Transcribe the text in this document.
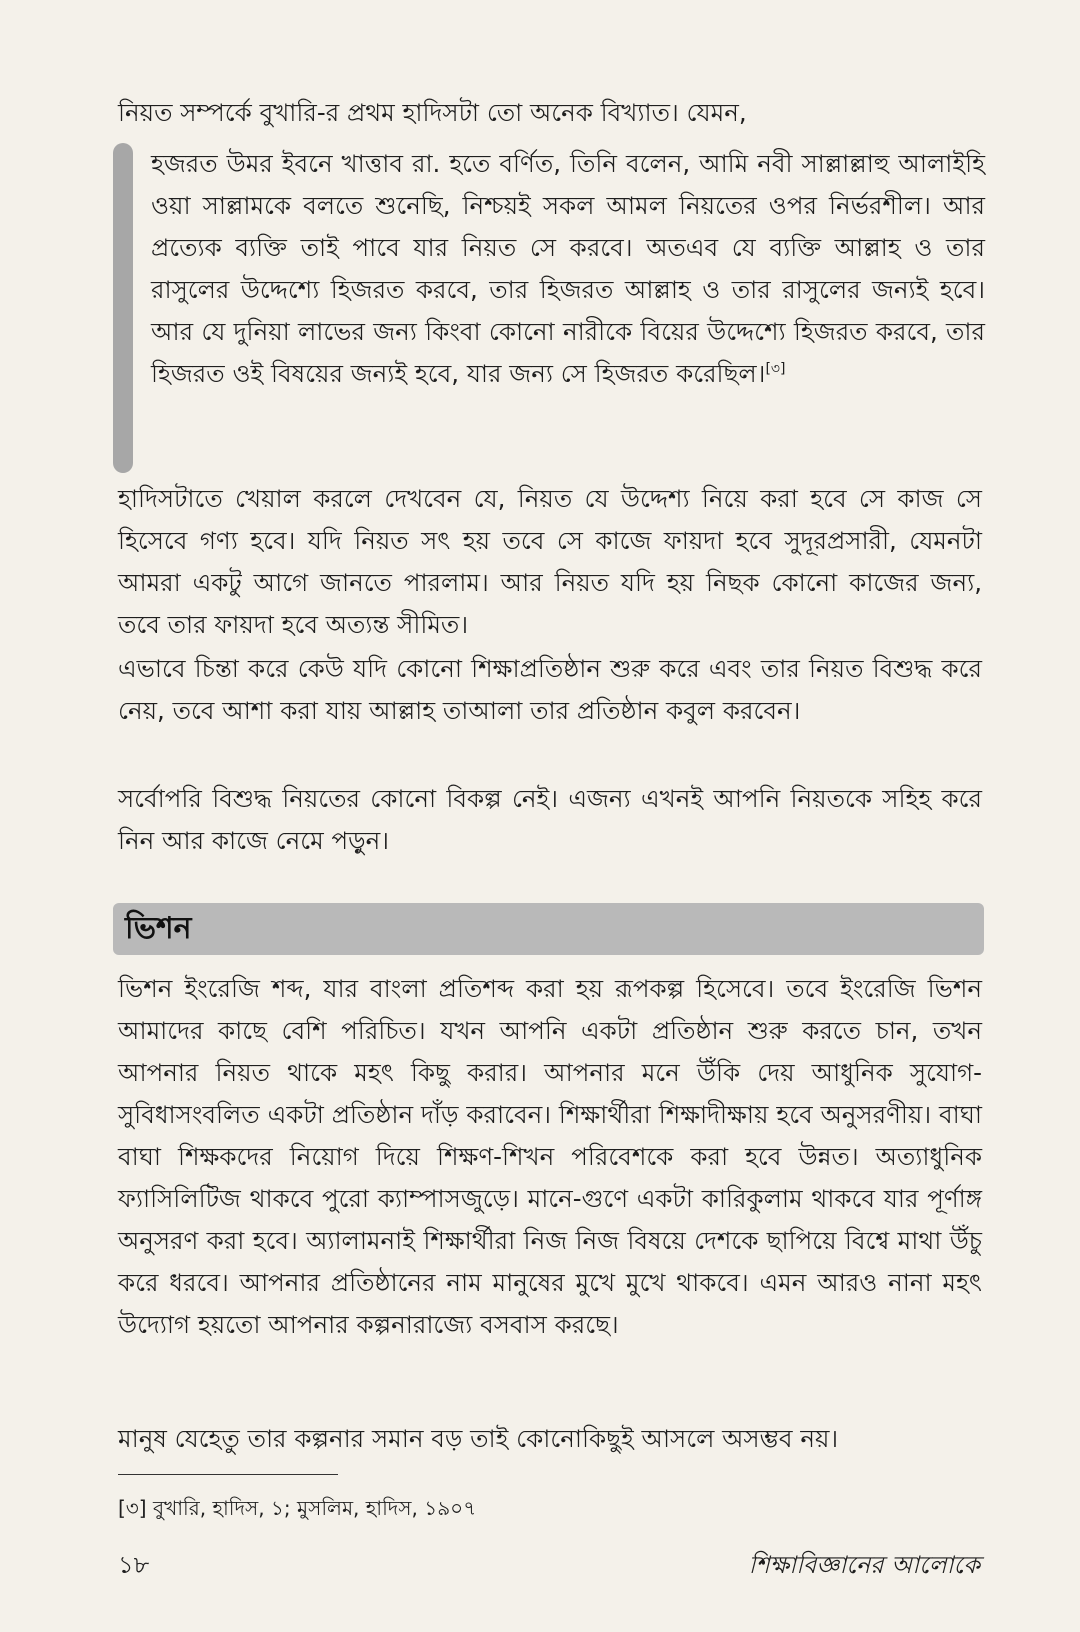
নিয়ত সম্পর্কে বুখারি-র প্রথম হাদিসটা তো অনেক বিখ্যাত। যেমন,

হজরত উমর ইবনে খাত্তাব রা. হতে বর্ণিত, তিনি বলেন, আমি নবী সাল্লাল্লাহু আলাইহি ওয়া সাল্লামকে বলতে শুনেছি, নিশ্চয়ই সকল আমল নিয়তের ওপর নির্ভরশীল। আর প্রত্যেক ব্যক্তি তাই পাবে যার নিয়ত সে করবে। অতএব যে ব্যক্তি আল্লাহ ও তার রাসুলের উদ্দেশ্যে হিজরত করবে, তার হিজরত আল্লাহ ও তার রাসুলের জন্যই হবে। আর যে দুনিয়া লাভের জন্য কিংবা কোনো নারীকে বিয়ের উদ্দেশ্যে হিজরত করবে, তার হিজরত ওই বিষয়ের জন্যই হবে, যার জন্য সে হিজরত করেছিল।[৩]

হাদিসটাতে খেয়াল করলে দেখবেন যে, নিয়ত যে উদ্দেশ্য নিয়ে করা হবে সে কাজ সে হিসেবে গণ্য হবে। যদি নিয়ত সৎ হয় তবে সে কাজে ফায়দা হবে সুদূরপ্রসারী, যেমনটা আমরা একটু আগে জানতে পারলাম। আর নিয়ত যদি হয় নিছক কোনো কাজের জন্য, তবে তার ফায়দা হবে অত্যন্ত সীমিত।

এভাবে চিন্তা করে কেউ যদি কোনো শিক্ষাপ্রতিষ্ঠান শুরু করে এবং তার নিয়ত বিশুদ্ধ করে নেয়, তবে আশা করা যায় আল্লাহ তাআলা তার প্রতিষ্ঠান কবুল করবেন।

সর্বোপরি বিশুদ্ধ নিয়তের কোনো বিকল্প নেই। এজন্য এখনই আপনি নিয়তকে সহিহ করে নিন আর কাজে নেমে পড়ুন।

ভিশন

ভিশন ইংরেজি শব্দ, যার বাংলা প্রতিশব্দ করা হয় রূপকল্প হিসেবে। তবে ইংরেজি ভিশন আমাদের কাছে বেশি পরিচিত। যখন আপনি একটা প্রতিষ্ঠান শুরু করতে চান, তখন আপনার নিয়ত থাকে মহৎ কিছু করার। আপনার মনে উঁকি দেয় আধুনিক সুযোগ-সুবিধাসংবলিত একটা প্রতিষ্ঠান দাঁড় করাবেন। শিক্ষার্থীরা শিক্ষাদীক্ষায় হবে অনুসরণীয়। বাঘা বাঘা শিক্ষকদের নিয়োগ দিয়ে শিক্ষণ-শিখন পরিবেশকে করা হবে উন্নত। অত্যাধুনিক ফ্যাসিলিটিজ থাকবে পুরো ক্যাম্পাসজুড়ে। মানে-গুণে একটা কারিকুলাম থাকবে যার পূর্ণাঙ্গ অনুসরণ করা হবে। অ্যালামনাই শিক্ষার্থীরা নিজ নিজ বিষয়ে দেশকে ছাপিয়ে বিশ্বে মাথা উঁচু করে ধরবে। আপনার প্রতিষ্ঠানের নাম মানুষের মুখে মুখে থাকবে। এমন আরও নানা মহৎ উদ্যোগ হয়তো আপনার কল্পনারাজ্যে বসবাস করছে।

মানুষ যেহেতু তার কল্পনার সমান বড় তাই কোনোকিছুই আসলে অসম্ভব নয়।

[৩] বুখারি, হাদিস, ১; মুসলিম, হাদিস, ১৯০৭
১৮	শিক্ষাবিজ্ঞানের আলোকে
